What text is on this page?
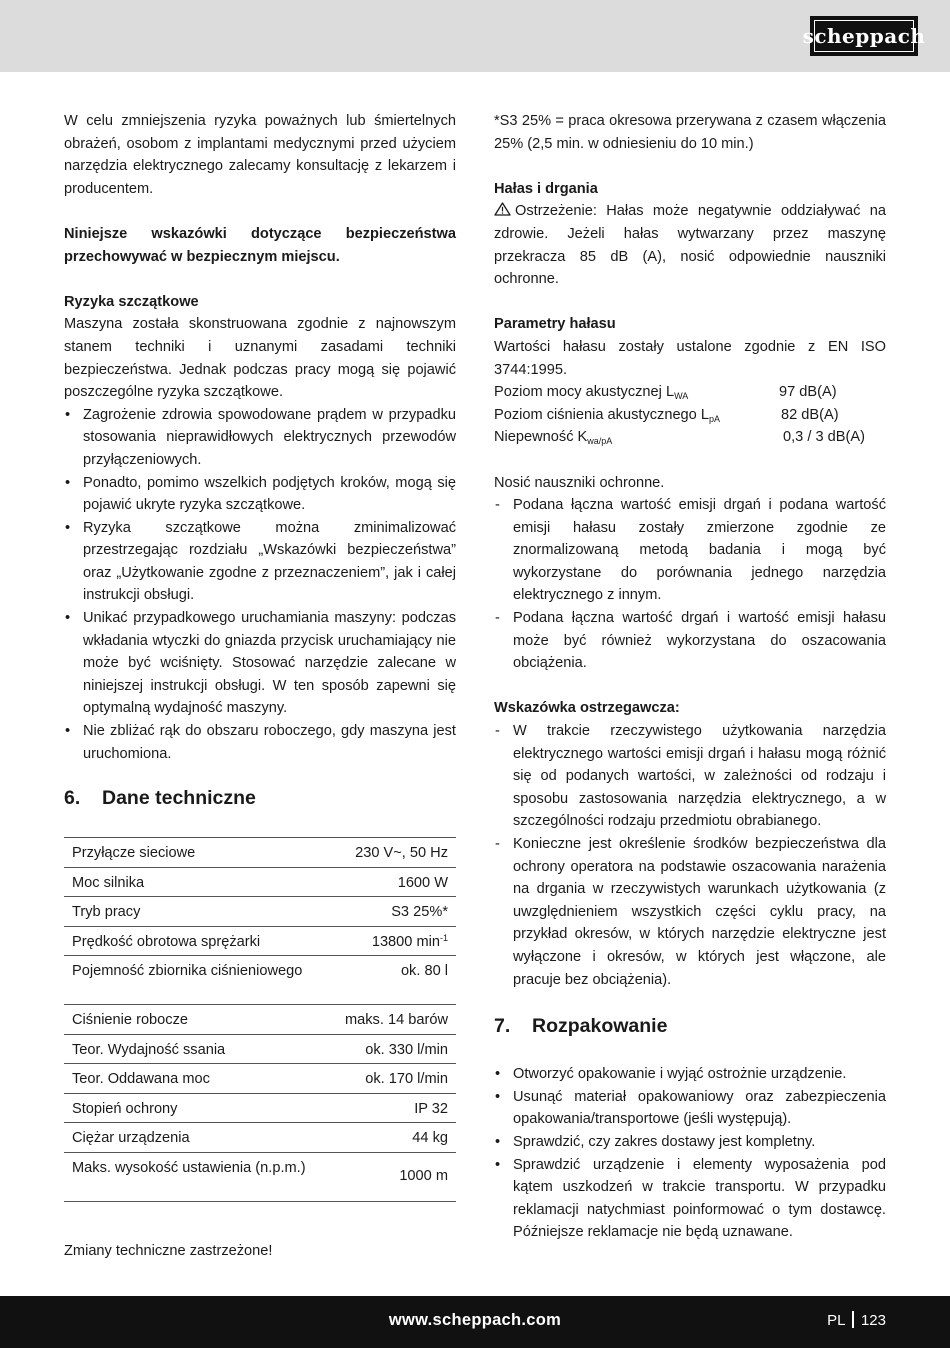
scheppach

W celu zmniejszenia ryzyka poważnych lub śmiertelnych obrażeń, osobom z implantami medycznymi przed użyciem narzędzia elektrycznego zalecamy konsultację z lekarzem i producentem.

Niniejsze wskazówki dotyczące bezpieczeństwa przechowywać w bezpiecznym miejscu.

Ryzyka szczątkowe

Maszyna została skonstruowana zgodnie z najnowszym stanem techniki i uznanymi zasadami techniki bezpieczeństwa. Jednak podczas pracy mogą się pojawić poszczególne ryzyka szczątkowe.

• Zagrożenie zdrowia spowodowane prądem w przypadku stosowania nieprawidłowych elektrycznych przewodów przyłączeniowych.
• Ponadto, pomimo wszelkich podjętych kroków, mogą się pojawić ukryte ryzyka szczątkowe.
• Ryzyka szczątkowe można zminimalizować przestrzegając rozdziału „Wskazówki bezpieczeństwa” oraz „Użytkowanie zgodne z przeznaczeniem”, jak i całej instrukcji obsługi.
• Unikać przypadkowego uruchamiania maszyny: podczas wkładania wtyczki do gniazda przycisk uruchamiający nie może być wciśnięty. Stosować narzędzie zalecane w niniejszej instrukcji obsługi. W ten sposób zapewni się optymalną wydajność maszyny.
• Nie zbliżać rąk do obszaru roboczego, gdy maszyna jest uruchomiona.
6. Dane techniczne
Przyłącze sieciowe	230 V~, 50 Hz
Moc silnika	1600 W
Tryb pracy	S3 25%*
Prędkość obrotowa sprężarki	13800 $\min^{-1}$
Pojemność zbiornika ciśnieniowego	ok. 80 l
Ciśnienie robocze	maks. 14 barów
Teor. Wydajność ssania	ok. 330 l/min
Teor. Oddawana moc	ok. 170 l/min
Stopień ochrony	IP 32
Ciężar urządzenia	44 kg
Maks. wysokość ustawienia (n.p.m.)	1000 m

Zmiany techniczne zastrzeżone!

*S3 25% = praca okresowa przerywana z czasem włączenia 25% (2,5 min. w odniesieniu do 10 min.)

Hałas i drgania

Ostrzeżenie: Hałas może negatywnie oddziaływać na zdrowie. Jeżeli hałas wytwarzany przez maszynę przekracza 85 dB (A), nosić odpowiednie nauszniki ochronne.

Parametry hałasu

Wartości hałasu zostały ustalone zgodnie z EN ISO 3744:1995.

Poziom mocy akustycznej $L_{WA}$	97 dB(A)
Poziom ciśnienia akustycznego $L_{pA}$	82 dB(A)
Niepewność $K_{wa/pA}$	0,3 / 3 dB(A)

Nosić nauszniki ochronne.

- Podana łączna wartość emisji drgań i podana wartość emisji hałasu zostały zmierzone zgodnie ze znormalizowaną metodą badania i mogą być wykorzystane do porównania jednego narzędzia elektrycznego z innym.
- Podana łączna wartość drgań i wartość emisji hałasu może być również wykorzystana do oszacowania obciążenia.

Wskazówka ostrzegawcza:

- W trakcie rzeczywistego użytkowania narzędzia elektrycznego wartości emisji drgań i hałasu mogą różnić się od podanych wartości, w zależności od rodzaju i sposobu zastosowania narzędzia elektrycznego, a w szczególności rodzaju przedmiotu obrabianego.
- Konieczne jest określenie środków bezpieczeństwa dla ochrony operatora na podstawie oszacowania narażenia na drgania w rzeczywistych warunkach użytkowania (z uwzględnieniem wszystkich części cyklu pracy, na przykład okresów, w których narzędzie elektryczne jest wyłączone i okresów, w których jest włączone, ale pracuje bez obciążenia).
7. Rozpakowanie
• Otworzyć opakowanie i wyjąć ostrożnie urządzenie.
• Usunąć materiał opakowaniowy oraz zabezpieczenia opakowania/transportowe (jeśli występują).
• Sprawdzić, czy zakres dostawy jest kompletny.
• Sprawdzić urządzenie i elementy wyposażenia pod kątem uszkodzeń w trakcie transportu. W przypadku reklamacji natychmiast poinformować o tym dostawcę. Późniejsze reklamacje nie będą uznawane.
www.scheppach.com	PL 123
